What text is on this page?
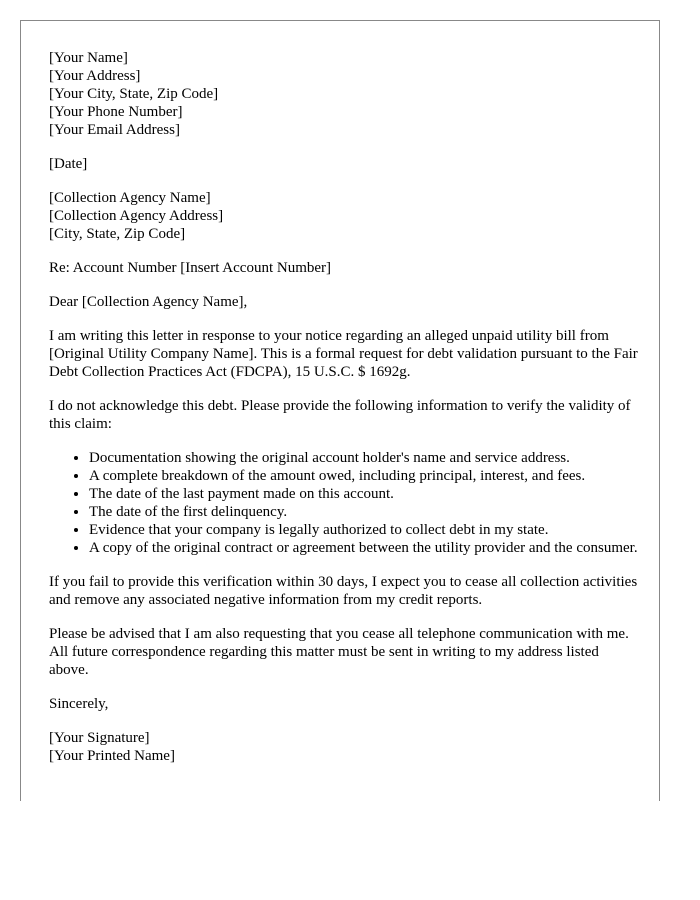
[Your Name]
[Your Address]
[Your City, State, Zip Code]
[Your Phone Number]
[Your Email Address]
[Date]
[Collection Agency Name]
[Collection Agency Address]
[City, State, Zip Code]

Re: Account Number [Insert Account Number]

Dear [Collection Agency Name],

I am writing this letter in response to your notice regarding an alleged unpaid utility bill from [Original Utility Company Name]. This is a formal request for debt validation pursuant to the Fair Debt Collection Practices Act (FDCPA), 15 U.S.C. $ 1692g.

I do not acknowledge this debt. Please provide the following information to verify the validity of this claim:

• Documentation showing the original account holder's name and service address.
• A complete breakdown of the amount owed, including principal, interest, and fees.
• The date of the last payment made on this account.
• The date of the first delinquency.
• Evidence that your company is legally authorized to collect debt in my state.
• A copy of the original contract or agreement between the utility provider and the consumer.

If you fail to provide this verification within 30 days, I expect you to cease all collection activities and remove any associated negative information from my credit reports.

Please be advised that I am also requesting that you cease all telephone communication with me. All future correspondence regarding this matter must be sent in writing to my address listed above.

Sincerely,

[Your Signature]
[Your Printed Name]
